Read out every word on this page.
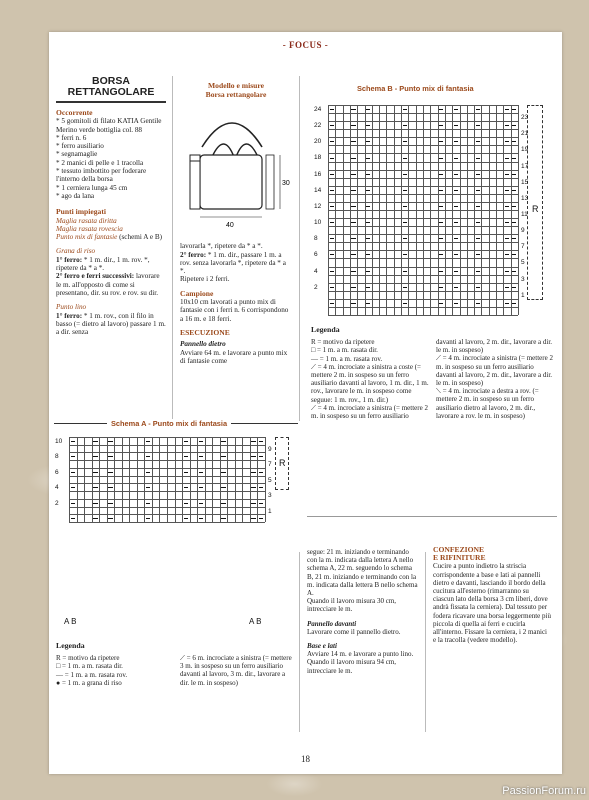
- FOCUS -
BORSA
RETTANGOLARE
Occorrente
* 5 gomitoli di filato KATIA Gentile Merino verde bottiglia col. 88
* ferri n. 6
* ferro ausiliario
* segnamaglie
* 2 manici di pelle e 1 tracolla
* tessuto imbottito per foderare l'interno della borsa
* 1 cerniera lunga 45 cm
* ago da lana
Punti impiegati
Maglia rasata diritta
Maglia rasata rovescia
Punto mix di fantasie (schemi A e B)
Grana di riso
1° ferro: * 1 m. dir., 1 m. rov. *, ripetere da * a *.
2° ferro e ferri successivi: lavorare le m. all'opposto di come si presentano, dir. su rov. e rov. su dir.
Punto lino
1° ferro: * 1 m. rov., con il filo in basso (= dietro al lavoro) passare 1 m. a dir. senza
Modello e misure
Borsa rettangolare
30
40
lavorarla *, ripetere da * a *.
2° ferro: * 1 m. dir., passare 1 m. a rov. senza lavorarla *, ripetere da * a *.
Ripetere i 2 ferri.
Campione
10x10 cm lavorati a punto mix di fantasie con i ferri n. 6 corrispondono a 16 m. e 18 ferri.
ESECUZIONE
Pannello dietro
Avviare 64 m. e lavorare a punto mix di fantasie come
Schema B - Punto mix di fantasia
R
Legenda
R = motivo da ripetere
□ = 1 m. a m. rasata dir.
— = 1 m. a m. rasata rov.
⟋ = 4 m. incrociate a sinistra a coste (= mettere 2 m. in sospeso su un ferro ausiliario davanti al lavoro, 1 m. dir., 1 m. rov., lavorare le m. in sospeso come seguue: 1 m. rov., 1 m. dir.)
⟋ = 4 m. incrociate a sinistra (= mettere 2 m. in sospeso su un ferro ausiliario
davanti al lavoro, 2 m. dir., lavorare a dir. le m. in sospeso)
⟋ = 4 m. incrociate a sinistra (= mettere 2 m. in sospeso su un ferro ausiliario davanti al lavoro, 2 m. dir., lavorare a dir. le m. in sospeso)
⟍ = 4 m. incrociate a destra a rov. (= mettere 2 m. in sospeso su un ferro ausiliario dietro al lavoro, 2 m. dir., lavorare a rov. le m. in sospeso)
Schema A - Punto mix di fantasia
R
A B	A B
Legenda
R = motivo da ripetere
□ = 1 m. a m. rasata dir.
— = 1 m. a m. rasata rov.
● = 1 m. a grana di riso
⟋ = 6 m. incrociate a sinistra (= mettere 3 m. in sospeso su un ferro ausiliario davanti al lavoro, 3 m. dir., lavorare a dir. le m. in sospeso)
segue: 21 m. iniziando e terminando con la m. indicata dalla lettera A nello schema A, 22 m. seguendo lo schema B, 21 m. iniziando e terminando con la m. indicata dalla lettera B nello schema A.
Quando il lavoro misura 30 cm, intrecciare le m.
Pannello davanti
Lavorare come il pannello dietro.
Base e lati
Avviare 14 m. e lavorare a punto lino. Quando il lavoro misura 94 cm, intrecciare le m.
CONFEZIONE
E RIFINITURE
Cucire a punto indietro la striscia corrispondente a base e lati ai pannelli dietro e davanti, lasciando il bordo della cucitura all'esterno (rimarranno su ciascun lato della borsa 3 cm liberi, dove andrà fissata la cerniera). Dal tessuto per fodera ricavare una borsa leggermente più piccola di quella ai ferri e cucirla all'interno. Fissare la cerniera, i 2 manici e la tracolla (vedere modello).
18
24
22
20
18
16
14
12
10
8
6
4
2
23
21
19
17
15
13
11
9
7
5
3
1
10
8
6
4
2
9
7
5
3
1
PassionForum.ru
